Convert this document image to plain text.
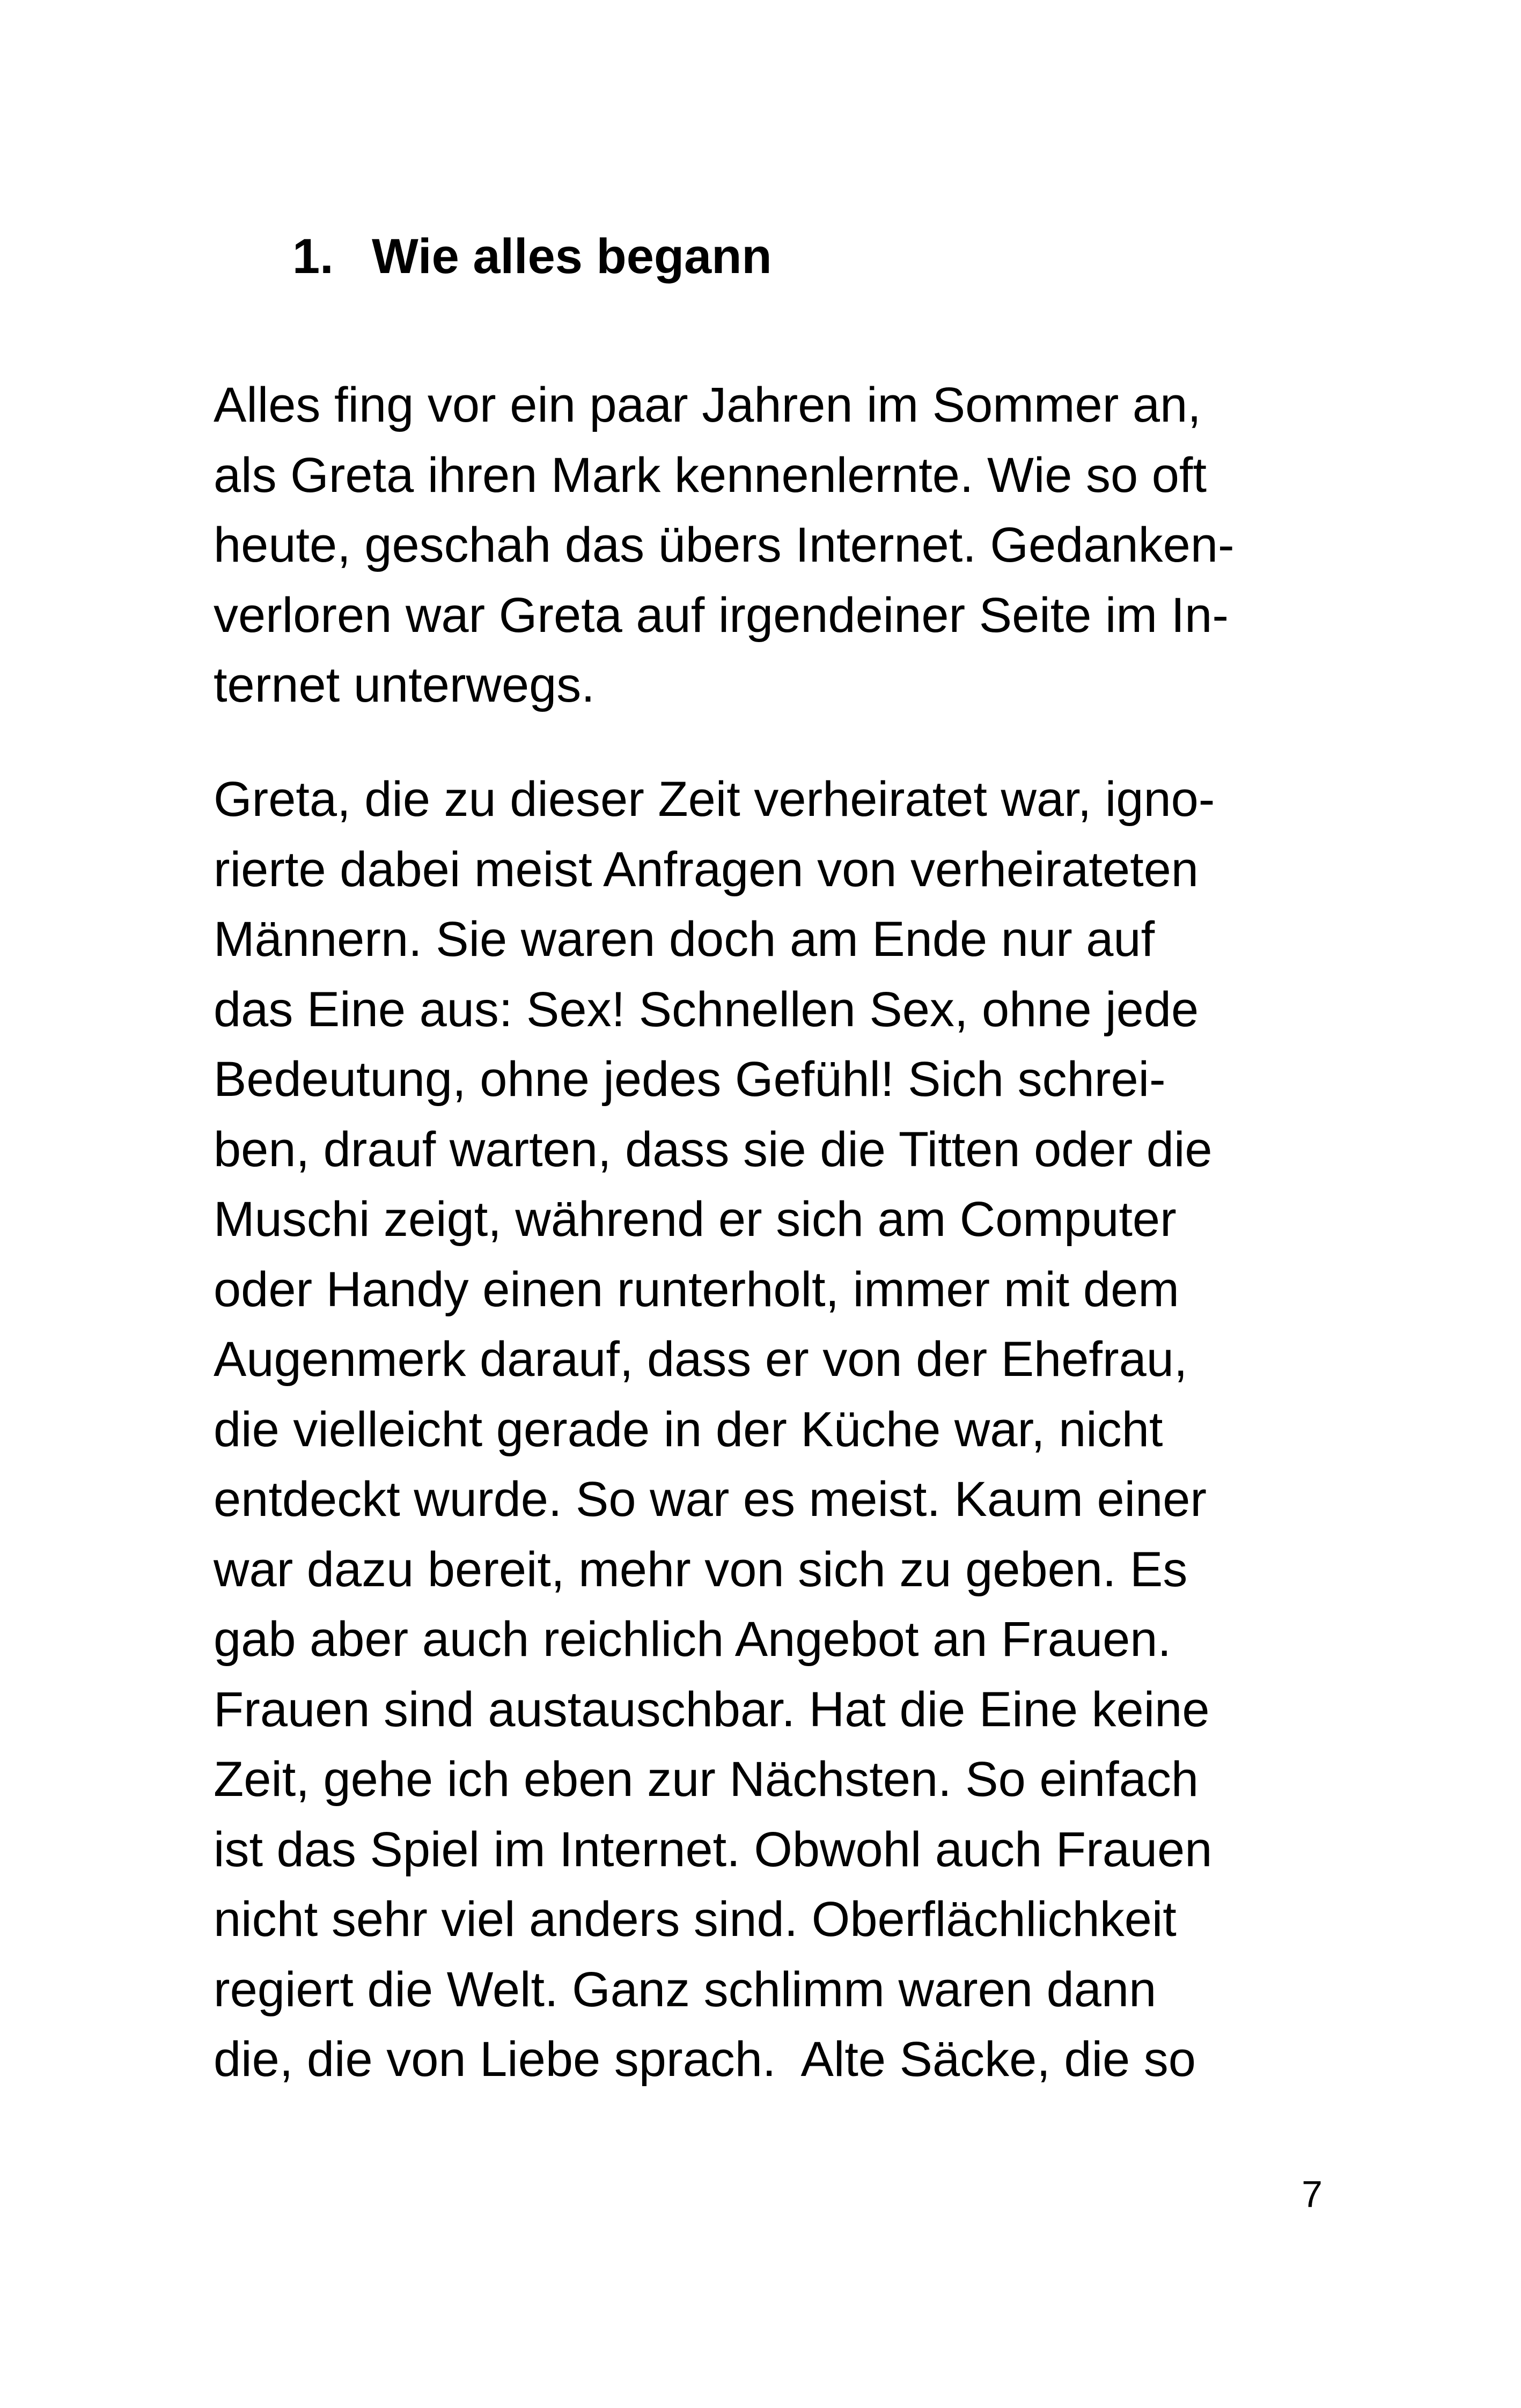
1. Wie alles begann

Alles fing vor ein paar Jahren im Sommer an,
als Greta ihren Mark kennenlernte. Wie so oft
heute, geschah das übers Internet. Gedanken-
verloren war Greta auf irgendeiner Seite im In-
ternet unterwegs.

Greta, die zu dieser Zeit verheiratet war, igno-
rierte dabei meist Anfragen von verheirateten
Männern. Sie waren doch am Ende nur auf
das Eine aus: Sex! Schnellen Sex, ohne jede
Bedeutung, ohne jedes Gefühl! Sich schrei-
ben, drauf warten, dass sie die Titten oder die
Muschi zeigt, während er sich am Computer
oder Handy einen runterholt, immer mit dem
Augenmerk darauf, dass er von der Ehefrau,
die vielleicht gerade in der Küche war, nicht
entdeckt wurde. So war es meist. Kaum einer
war dazu bereit, mehr von sich zu geben. Es
gab aber auch reichlich Angebot an Frauen.
Frauen sind austauschbar. Hat die Eine keine
Zeit, gehe ich eben zur Nächsten. So einfach
ist das Spiel im Internet. Obwohl auch Frauen
nicht sehr viel anders sind. Oberflächlichkeit
regiert die Welt. Ganz schlimm waren dann
die, die von Liebe sprach.  Alte Säcke, die so

7
